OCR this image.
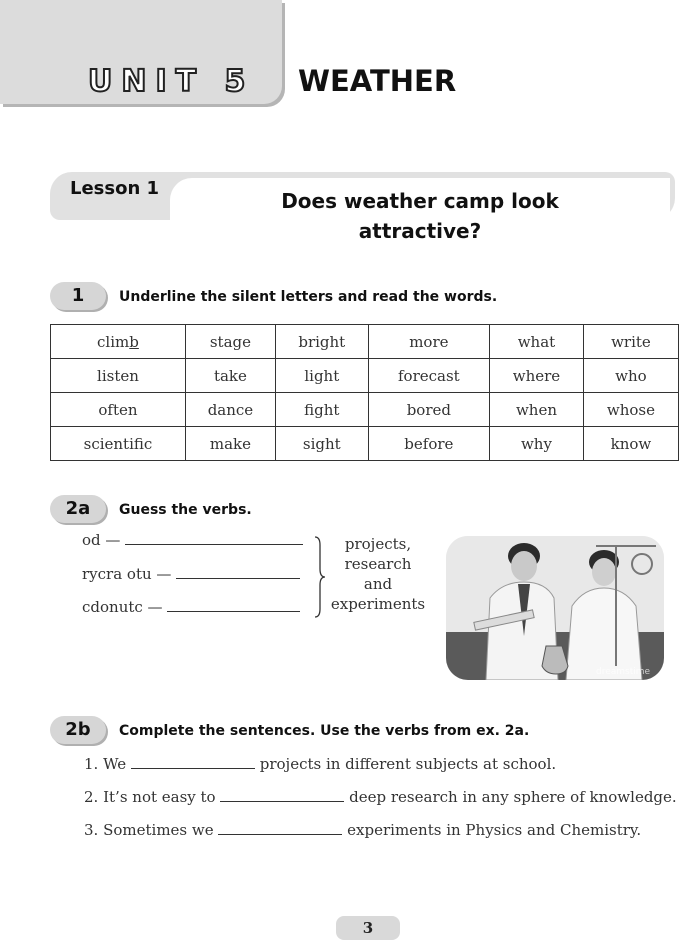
UNIT 5 WEATHER
Lesson 1
Does weather camp look
attractive?
1	Underline the silent letters and read the words.
climb	stage	bright	more	what	write
listen	take	light	forecast	where	who
often	dance	fight	bored	when	whose
scientific	make	sight	before	why	know
2a	Guess the verbs.
od —
rycra otu —
cdonutc —
projects,
research
and
experiments
dreamstime
2b	Complete the sentences. Use the verbs from ex. 2a.
1. We	projects in different subjects at school.
2. It’s not easy to	deep research in any sphere of knowledge.
3. Sometimes we	experiments in Physics and Chemistry.
3
